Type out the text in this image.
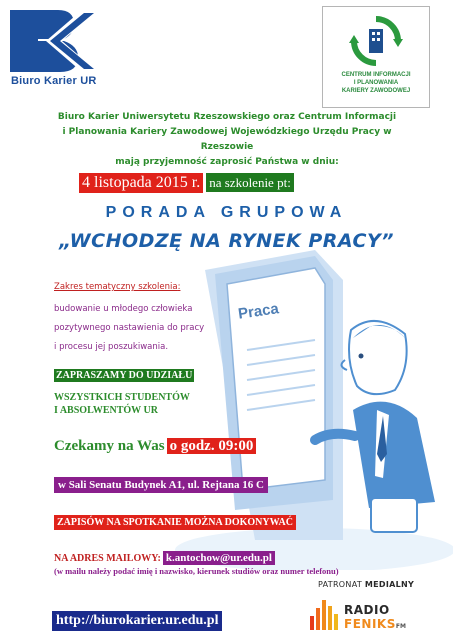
Biuro Karier UR	CENTRUM INFORMACJI
I PLANOWANIA
KARIERY ZAWODOWEJ
Biuro Karier Uniwersytetu Rzeszowskiego oraz Centrum Informacji
i Planowania Kariery Zawodowej Wojewódzkiego Urzędu Pracy w Rzeszowie
mają przyjemność zaprosić Państwa w dniu:
Praca
4 listopada 2015 r. na szkolenie pt:
PORADA GRUPOWA
„WCHODZĘ NA RYNEK PRACY”
Zakres tematyczny szkolenia:
budowanie u młodego człowieka
pozytywnego nastawienia do pracy
i procesu jej poszukiwania.
ZAPRASZAMY DO UDZIAŁU
WSZYSTKICH STUDENTÓW
I ABSOLWENTÓW UR
Czekamy na Was o godz. 09:00
w Sali Senatu Budynek A1, ul. Rejtana 16 C
ZAPISÓW NA SPOTKANIE MOŻNA DOKONYWAĆ
NA ADRES MAILOWY: k.antochow@ur.edu.pl
(w mailu należy podać imię i nazwisko, kierunek studiów oraz numer telefonu)
http://biurokarier.ur.edu.pl
PATRONAT MEDIALNY
RADIO
FENIKSFM
